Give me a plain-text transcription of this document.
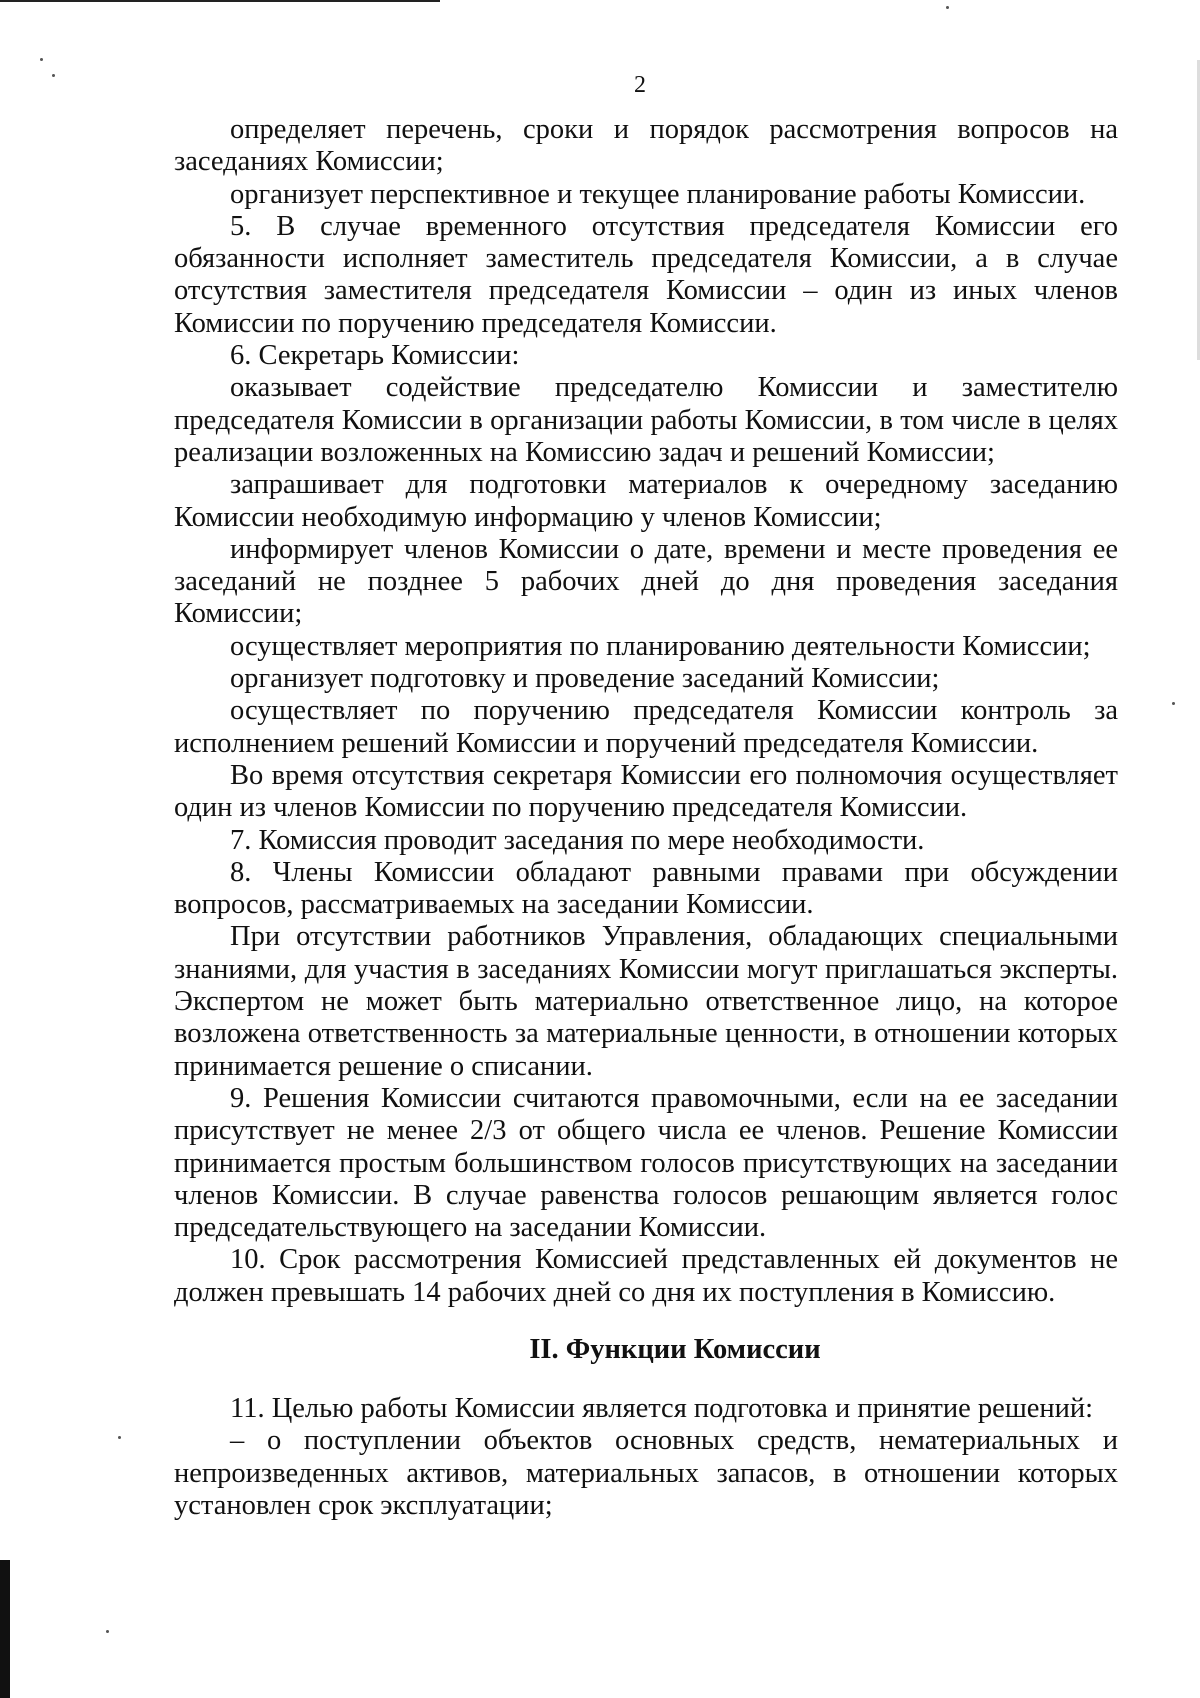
2

определяет перечень, сроки и порядок рассмотрения вопросов на заседаниях Комиссии;

организует перспективное и текущее планирование работы Комиссии.

5. В случае временного отсутствия председателя Комиссии его обязанности исполняет заместитель председателя Комиссии, а в случае отсутствия заместителя председателя Комиссии – один из иных членов Комиссии по поручению председателя Комиссии.

6. Секретарь Комиссии:

оказывает содействие председателю Комиссии и заместителю председателя Комиссии в организации работы Комиссии, в том числе в целях реализации возложенных на Комиссию задач и решений Комиссии;

запрашивает для подготовки материалов к очередному заседанию Комиссии необходимую информацию у членов Комиссии;

информирует членов Комиссии о дате, времени и месте проведения ее заседаний не позднее 5 рабочих дней до дня проведения заседания Комиссии;

осуществляет мероприятия по планированию деятельности Комиссии;

организует подготовку и проведение заседаний Комиссии;

осуществляет по поручению председателя Комиссии контроль за исполнением решений Комиссии и поручений председателя Комиссии.

Во время отсутствия секретаря Комиссии его полномочия осуществляет один из членов Комиссии по поручению председателя Комиссии.

7. Комиссия проводит заседания по мере необходимости.

8. Члены Комиссии обладают равными правами при обсуждении вопросов, рассматриваемых на заседании Комиссии.

При отсутствии работников Управления, обладающих специальными знаниями, для участия в заседаниях Комиссии могут приглашаться эксперты. Экспертом не может быть материально ответственное лицо, на которое возложена ответственность за материальные ценности, в отношении которых принимается решение о списании.

9. Решения Комиссии считаются правомочными, если на ее заседании присутствует не менее 2/3 от общего числа ее членов. Решение Комиссии принимается простым большинством голосов присутствующих на заседании членов Комиссии. В случае равенства голосов решающим является голос председательствующего на заседании Комиссии.

10. Срок рассмотрения Комиссией представленных ей документов не должен превышать 14 рабочих дней со дня их поступления в Комиссию.

II. Функции Комиссии

11. Целью работы Комиссии является подготовка и принятие решений:

– о поступлении объектов основных средств, нематериальных и непроизведенных активов, материальных запасов, в отношении которых установлен срок эксплуатации;
